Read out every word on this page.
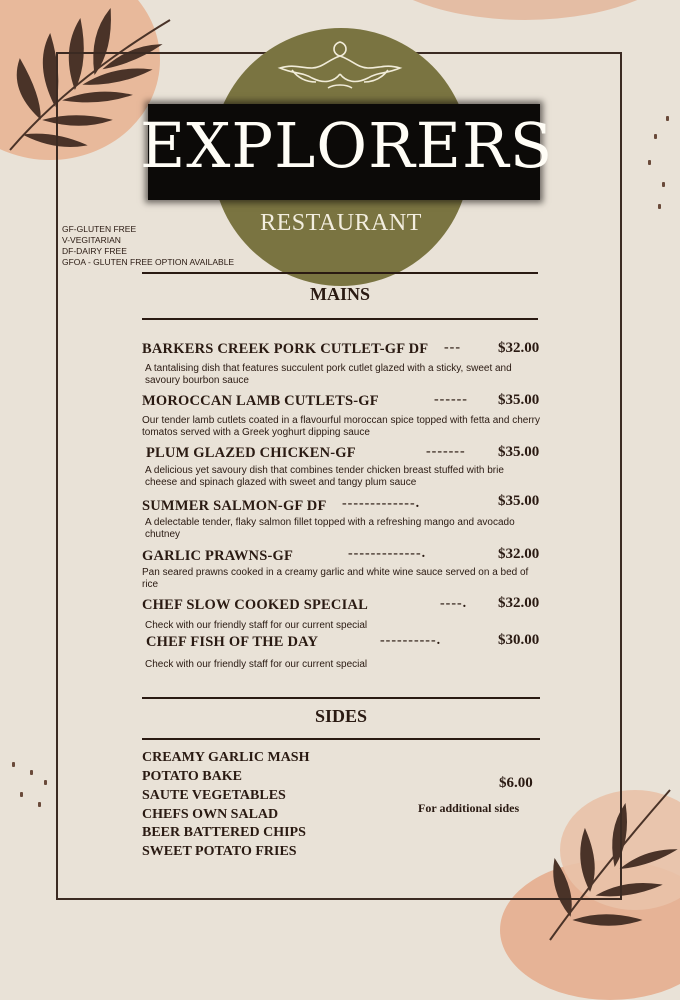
EXPLORERS
RESTAURANT
GF-GLUTEN FREE
V-VEGITARIAN
DF-DAIRY FREE
GFOA - GLUTEN FREE OPTION AVAILABLE
MAINS
BARKERS CREEK PORK CUTLET-GF DF --- $32.00
A tantalising dish that features succulent pork cutlet glazed with a sticky, sweet and savoury bourbon sauce
MOROCCAN LAMB CUTLETS-GF	------ $35.00
Our tender lamb cutlets coated in a flavourful moroccan spice topped with fetta and cherry tomatos served with a Greek yoghurt dipping sauce
PLUM GLAZED CHICKEN-GF	------- $35.00
A delicious yet savoury dish that combines tender chicken breast stuffed with brie cheese and spinach glazed with sweet and tangy plum sauce
SUMMER SALMON-GF DF -------------.	$35.00
A delectable tender, flaky salmon fillet topped with a refreshing mango and avocado chutney
GARLIC PRAWNS-GF	-------------.	$32.00
Pan seared prawns cooked in a creamy garlic and white wine sauce served on a bed of rice
CHEF SLOW COOKED SPECIAL	----. $32.00
Check with our friendly staff for our current special
CHEF FISH OF THE DAY	----------.	$30.00
Check with our friendly staff for our current special
SIDES
CREAMY GARLIC MASH
POTATO BAKE
SAUTE VEGETABLES
CHEFS OWN SALAD
BEER BATTERED CHIPS
SWEET POTATO FRIES
$6.00
For additional sides
